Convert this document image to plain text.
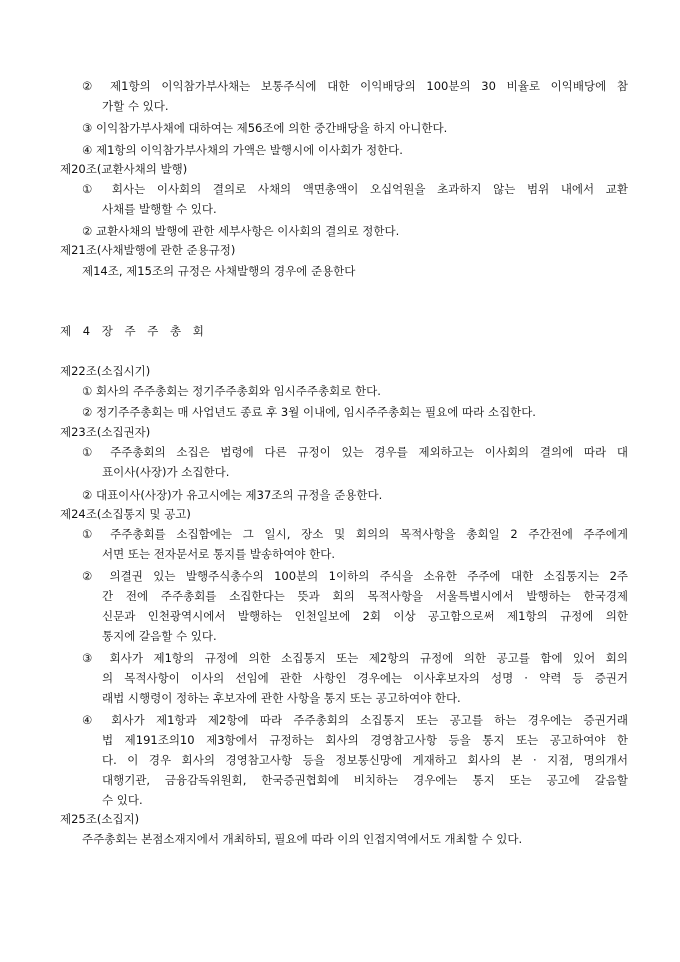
② 제1항의 이익참가부사채는 보통주식에 대한 이익배당의 100분의 30 비율로 이익배당에 참
가할 수 있다.
③ 이익참가부사채에 대하여는 제56조에 의한 중간배당을 하지 아니한다.
④ 제1항의 이익참가부사채의 가액은 발행시에 이사회가 정한다.
제20조(교환사채의 발행)
① 회사는 이사회의 결의로 사채의 액면총액이 오십억원을 초과하지 않는 범위 내에서 교환
사채를 발행할 수 있다.
② 교환사채의 발행에 관한 세부사항은 이사회의 결의로 정한다.
제21조(사채발행에 관한 준용규정)
제14조, 제15조의 규정은 사채발행의 경우에 준용한다
제 4 장 주 주 총 회
제22조(소집시기)
① 회사의 주주총회는 정기주주총회와 임시주주총회로 한다.
② 정기주주총회는 매 사업년도 종료 후 3월 이내에, 임시주주총회는 필요에 따라 소집한다.
제23조(소집권자)
① 주주총회의 소집은 법령에 다른 규정이 있는 경우를 제외하고는 이사회의 결의에 따라 대
표이사(사장)가 소집한다.
② 대표이사(사장)가 유고시에는 제37조의 규정을 준용한다.
제24조(소집통지 및 공고)
① 주주총회를 소집함에는 그 일시, 장소 및 회의의 목적사항을 총회일 2 주간전에 주주에게
서면 또는 전자문서로 통지를 발송하여야 한다.
② 의결권 있는 발행주식총수의 100분의 1이하의 주식을 소유한 주주에 대한 소집통지는 2주
간 전에 주주총회를 소집한다는 뜻과 회의 목적사항을 서울특별시에서 발행하는 한국경제
신문과 인천광역시에서 발행하는 인천일보에 2회 이상 공고함으로써 제1항의 규정에 의한
통지에 갈음할 수 있다.
③ 회사가 제1항의 규정에 의한 소집통지 또는 제2항의 규정에 의한 공고를 함에 있어 회의
의 목적사항이 이사의 선임에 관한 사항인 경우에는 이사후보자의 성명 · 약력 등 증권거
래법 시행령이 정하는 후보자에 관한 사항을 통지 또는 공고하여야 한다.
④ 회사가 제1항과 제2항에 따라 주주총회의 소집통지 또는 공고를 하는 경우에는 증권거래
법 제191조의10 제3항에서 규정하는 회사의 경영참고사항 등을 통지 또는 공고하여야 한
다. 이 경우 회사의 경영참고사항 등을 정보통신망에 게재하고 회사의 본 · 지점, 명의개서
대행기관, 금융감독위원회, 한국증권협회에 비치하는 경우에는 통지 또는 공고에 갈음할
수 있다.
제25조(소집지)
주주총회는 본점소재지에서 개최하되, 필요에 따라 이의 인접지역에서도 개최할 수 있다.
